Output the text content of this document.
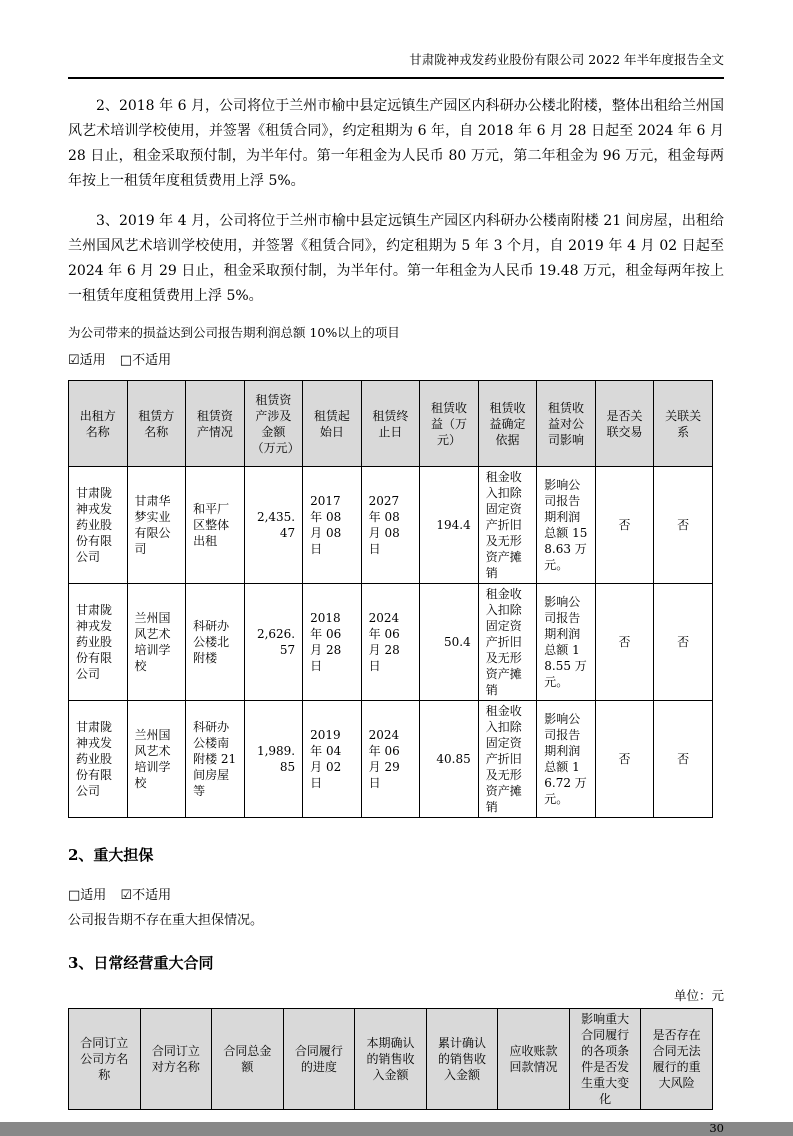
甘肃陇神戎发药业股份有限公司 2022 年半年度报告全文

2、2018 年 6 月，公司将位于兰州市榆中县定远镇生产园区内科研办公楼北附楼，整体出租给兰州国风艺术培训学校使用，并签署《租赁合同》，约定租期为 6 年，自 2018 年 6 月 28 日起至 2024 年 6 月 28 日止，租金采取预付制，为半年付。第一年租金为人民币 80 万元，第二年租金为 96 万元，租金每两年按上一租赁年度租赁费用上浮 5%。

3、2019 年 4 月，公司将位于兰州市榆中县定远镇生产园区内科研办公楼南附楼 21 间房屋，出租给兰州国风艺术培训学校使用，并签署《租赁合同》，约定租期为 5 年 3 个月，自 2019 年 4 月 02 日起至 2024 年 6 月 29 日止，租金采取预付制，为半年付。第一年租金为人民币 19.48 万元，租金每两年按上一租赁年度租赁费用上浮 5%。

为公司带来的损益达到公司报告期利润总额 10%以上的项目
☑适用 □不适用
出租方名称	租赁方名称	租赁资产情况	租赁资产涉及金额（万元）	租赁起始日	租赁终止日	租赁收益（万元）	租赁收益确定依据	租赁收益对公司影响	是否关联交易	关联关系
甘肃陇神戎发药业股份有限公司	甘肃华梦实业有限公司	和平厂区整体出租	2,435.47	2017 年 08 月 08 日	2027 年 08 月 08 日	194.4	租金收入扣除固定资产折旧及无形资产摊销	影响公司报告期利润总额 158.63 万元。	否	否
甘肃陇神戎发药业股份有限公司	兰州国风艺术培训学校	科研办公楼北附楼	2,626.57	2018 年 06 月 28 日	2024 年 06 月 28 日	50.4	租金收入扣除固定资产折旧及无形资产摊销	影响公司报告期利润总额 18.55 万元。	否	否
甘肃陇神戎发药业股份有限公司	兰州国风艺术培训学校	科研办公楼南附楼 21 间房屋等	1,989.85	2019 年 04 月 02 日	2024 年 06 月 29 日	40.85	租金收入扣除固定资产折旧及无形资产摊销	影响公司报告期利润总额 16.72 万元。	否	否
2、重大担保
□适用 ☑不适用
公司报告期不存在重大担保情况。
3、日常经营重大合同
单位：元
合同订立公司方名称	合同订立对方名称	合同总金额	合同履行的进度	本期确认的销售收入金额	累计确认的销售收入金额	应收账款回款情况	影响重大合同履行的各项条件是否发生重大变化	是否存在合同无法履行的重大风险
30
